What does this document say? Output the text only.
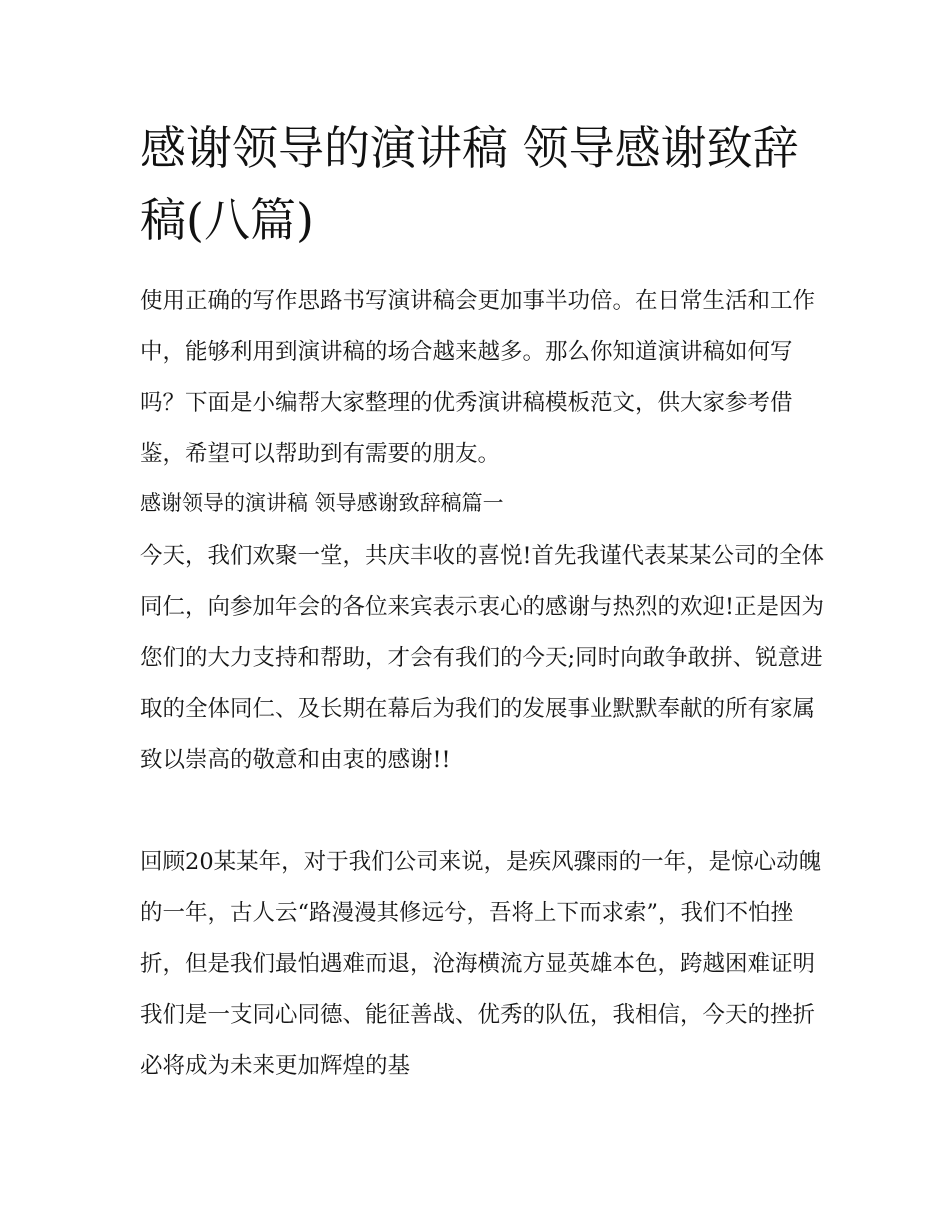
感谢领导的演讲稿 领导感谢致辞稿(八篇)

使用正确的写作思路书写演讲稿会更加事半功倍。在日常生活和工作中，能够利用到演讲稿的场合越来越多。那么你知道演讲稿如何写吗？下面是小编帮大家整理的优秀演讲稿模板范文，供大家参考借鉴，希望可以帮助到有需要的朋友。

感谢领导的演讲稿 领导感谢致辞稿篇一

今天，我们欢聚一堂，共庆丰收的喜悦!首先我谨代表某某公司的全体同仁，向参加年会的各位来宾表示衷心的感谢与热烈的欢迎!正是因为您们的大力支持和帮助，才会有我们的今天;同时向敢争敢拼、锐意进取的全体同仁、及长期在幕后为我们的发展事业默默奉献的所有家属致以崇高的敬意和由衷的感谢!!

回顾20某某年，对于我们公司来说，是疾风骤雨的一年，是惊心动魄的一年，古人云“路漫漫其修远兮，吾将上下而求索”，我们不怕挫折，但是我们最怕遇难而退，沧海横流方显英雄本色，跨越困难证明我们是一支同心同德、能征善战、优秀的队伍，我相信，今天的挫折必将成为未来更加辉煌的基
